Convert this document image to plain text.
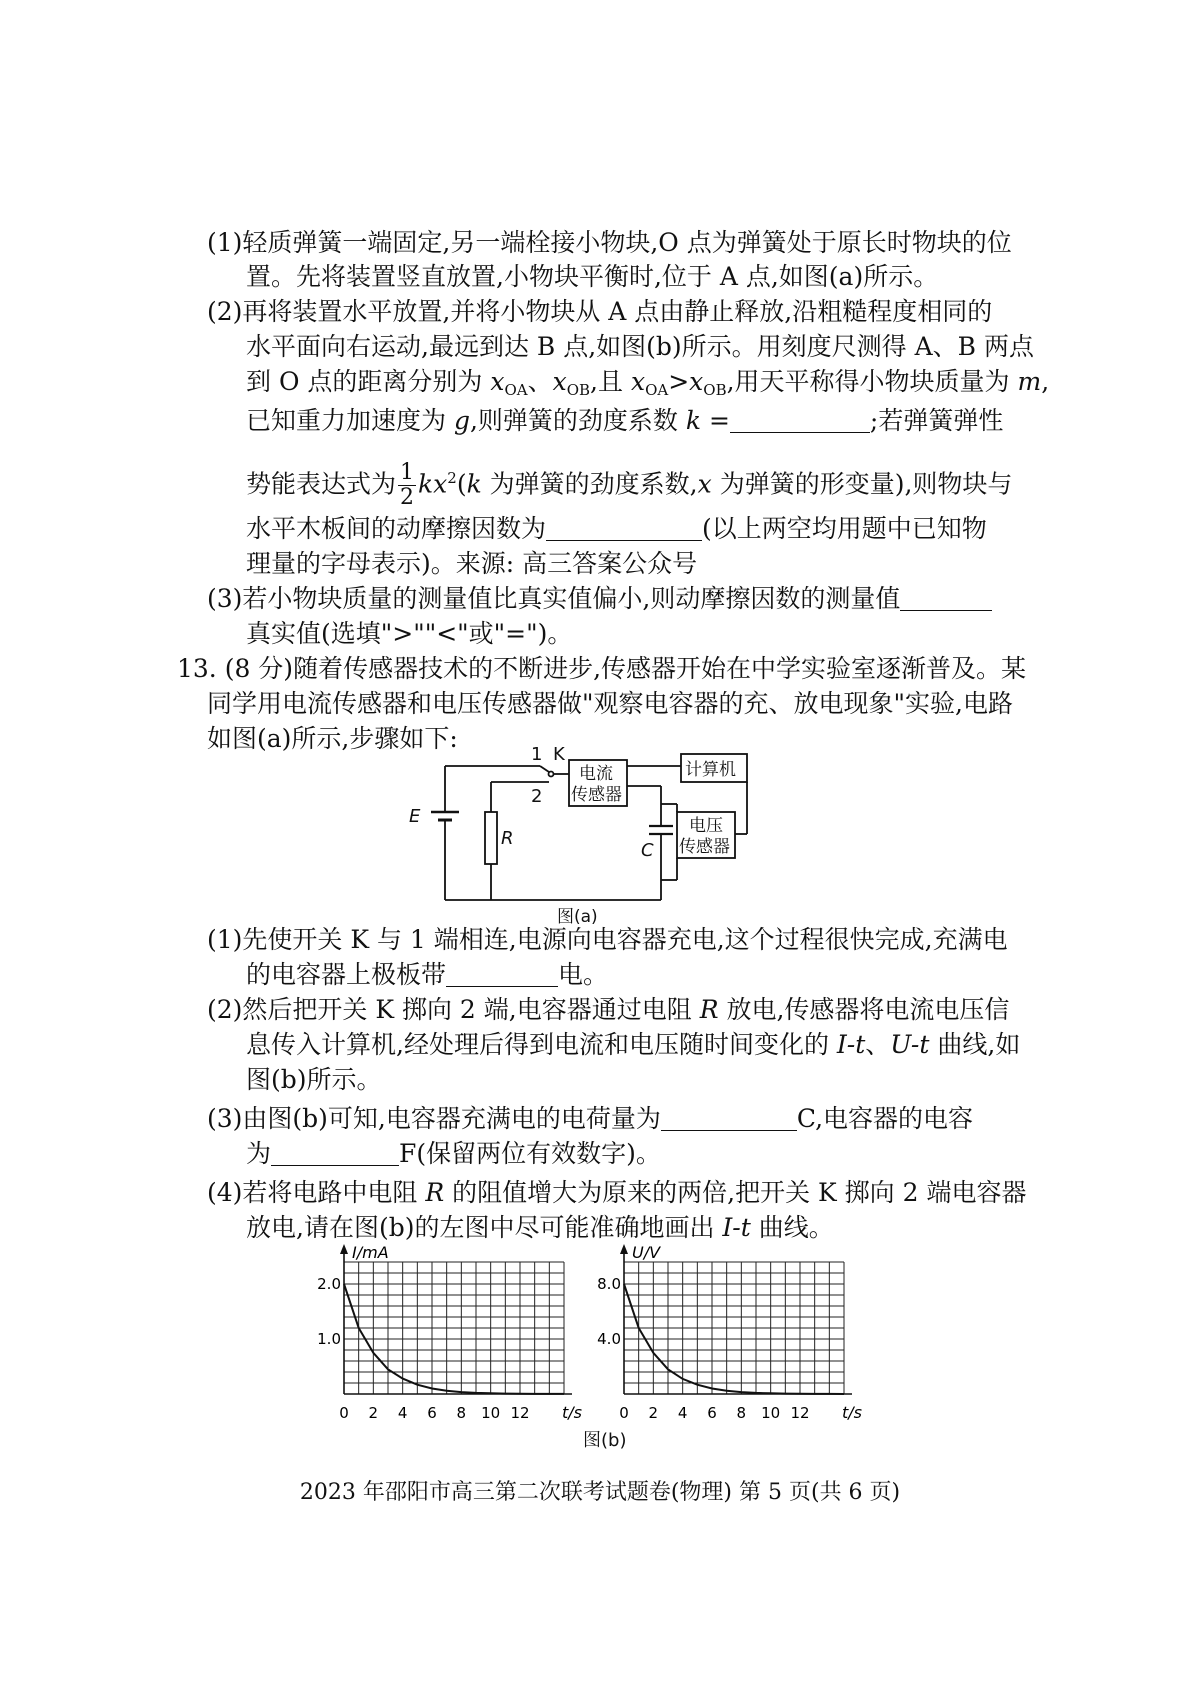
(1)轻质弹簧一端固定,另一端栓接小物块,O 点为弹簧处于原长时物块的位
置。先将装置竖直放置,小物块平衡时,位于 A 点,如图(a)所示。
(2)再将装置水平放置,并将小物块从 A 点由静止释放,沿粗糙程度相同的
水平面向右运动,最远到达 B 点,如图(b)所示。用刻度尺测得 A、B 两点
到 O 点的距离分别为 $x_{OA}$、$x_{OB}$,且 $x_{OA}>x_{OB}$,用天平称得小物块质量为 m,
已知重力加速度为 g,则弹簧的劲度系数 k =	;若弹簧弹性
势能表达式为 $\frac{1}{2} kx^2(k$ 为弹簧的劲度系数,x 为弹簧的形变量),则物块与
水平木板间的动摩擦因数为	(以上两空均用题中已知物
理量的字母表示)。来源: 高三答案公众号
(3)若小物块质量的测量值比真实值偏小,则动摩擦因数的测量值
真实值(选填">""<"或"=")。
13. (8 分)随着传感器技术的不断进步,传感器开始在中学实验室逐渐普及。某
同学用电流传感器和电压传感器做"观察电容器的充、放电现象"实验,电路
如图(a)所示,步骤如下:
1
2
K
电流
传感器
计算机
电压
传感器
E
R
C
图(a)
(1)先使开关 K 与 1 端相连,电源向电容器充电,这个过程很快完成,充满电
的电容器上极板带	电。
(2)然后把开关 K 掷向 2 端,电容器通过电阻 R 放电,传感器将电流电压信
息传入计算机,经处理后得到电流和电压随时间变化的 I-t、U-t 曲线,如
图(b)所示。
(3)由图(b)可知,电容器充满电的电荷量为	C,电容器的电容
为	F(保留两位有效数字)。
(4)若将电路中电阻 R 的阻值增大为原来的两倍,把开关 K 掷向 2 端电容器
放电,请在图(b)的左图中尽可能准确地画出 I-t 曲线。
I/mA
t/s
0 2 4 6 8 10 12
1.0
2.0
U/V
t/s
0 2 4 6 8 10 12
4.0
8.0
图(b)
2023 年邵阳市高三第二次联考试题卷(物理) 第 5 页(共 6 页)
